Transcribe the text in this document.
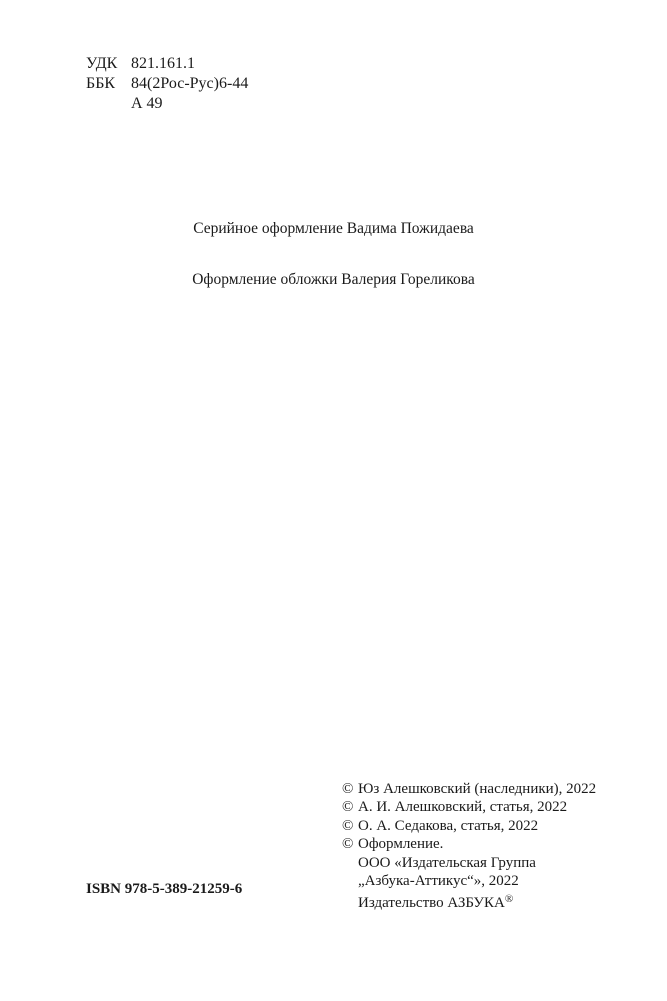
УДК 821.161.1
ББК 84(2Рос-Рус)6-44
А 49
Серийное оформление Вадима Пожидаева
Оформление обложки Валерия Гореликова
© Юз Алешковский (наследники), 2022
© А. И. Алешковский, статья, 2022
© О. А. Седакова, статья, 2022
© Оформление.
ООО «Издательская Группа
„Азбука-Аттикус“», 2022
Издательство АЗБУКА®
ISBN 978-5-389-21259-6
